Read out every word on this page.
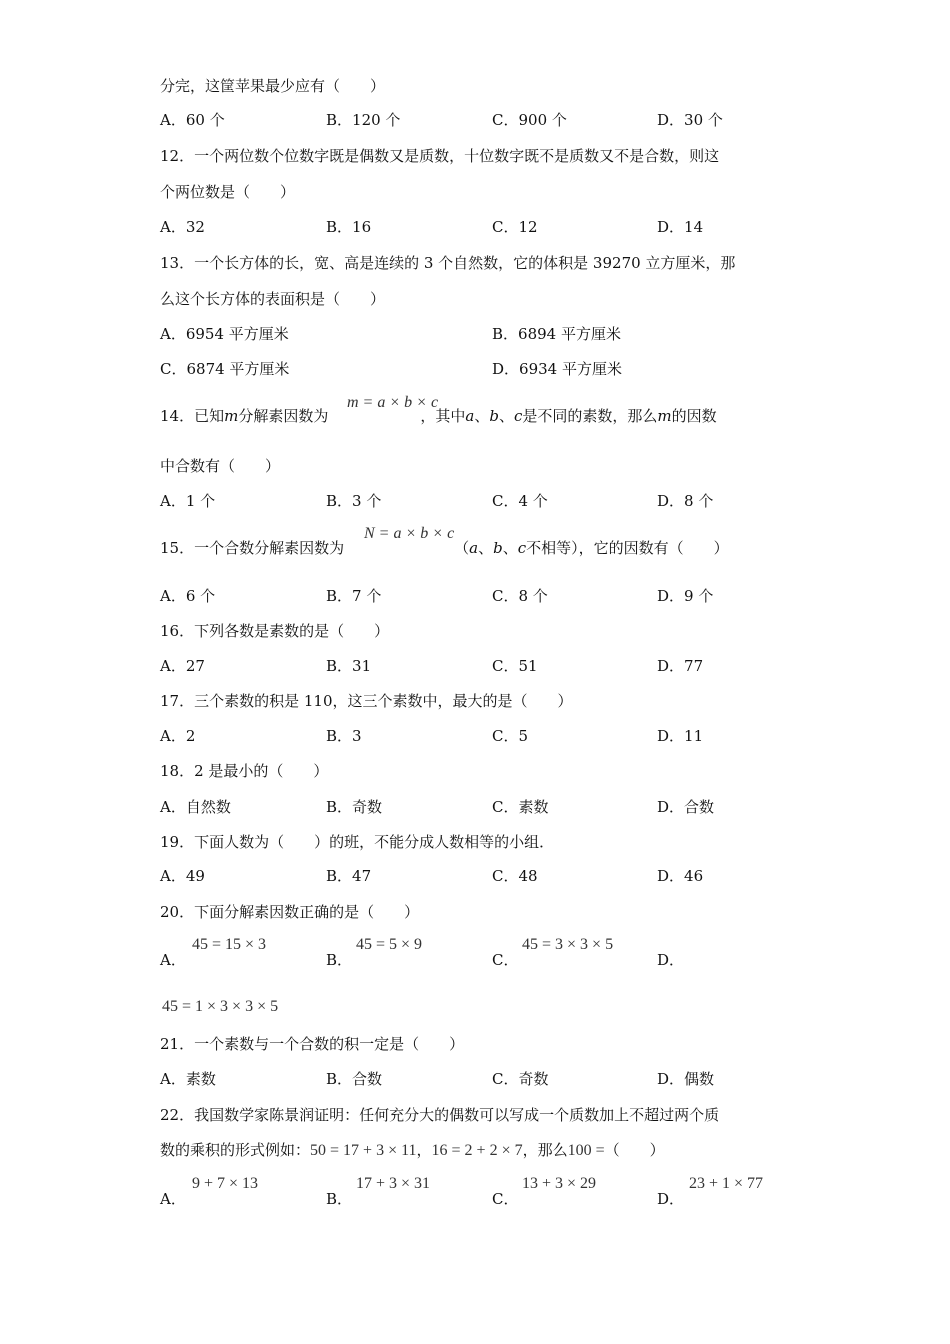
分完，这筐苹果最少应有（　　）
A．60 个	B．120 个	C．900 个	D．30 个
12．一个两位数个位数字既是偶数又是质数，十位数字既不是质数又不是合数，则这
个两位数是（　　）
A．32	B．16	C．12	D．14
13．一个长方体的长，宽、高是连续的 3 个自然数，它的体积是 39270 立方厘米，那
么这个长方体的表面积是（　　）
A．6954 平方厘米	B．6894 平方厘米
C．6874 平方厘米	D．6934 平方厘米
14．已知m分解素因数为	，其中a、b、c是不同的素数，那么m的因数
m = a × b × c
中合数有（　　）
A．1 个	B．3 个	C．4 个	D．8 个
15．一个合数分解素因数为	（a、b、c不相等），它的因数有（　　）
N = a × b × c
A．6 个	B．7 个	C．8 个	D．9 个
16．下列各数是素数的是（　　）
A．27	B．31	C．51	D．77
17．三个素数的积是 110，这三个素数中，最大的是（　　）
A．2	B．3	C．5	D．11
18．2 是最小的（　　）
A．自然数	B．奇数	C．素数	D．合数
19．下面人数为（　　）的班，不能分成人数相等的小组．
A．49	B．47	C．48	D．46
20．下面分解素因数正确的是（　　）
A．
45 = 15 × 3
B．
45 = 5 × 9
C．
45 = 3 × 3 × 5
D．
45 = 1 × 3 × 3 × 5
21．一个素数与一个合数的积一定是（　　）
A．素数	B．合数	C．奇数	D．偶数
22．我国数学家陈景润证明：任何充分大的偶数可以写成一个质数加上不超过两个质
数的乘积的形式例如：50 = 17 + 3 × 11，16 = 2 + 2 × 7，那么100 =（　　）
A．
9 + 7 × 13
B．
17 + 3 × 31
C．
13 + 3 × 29
D．
23 + 1 × 77
